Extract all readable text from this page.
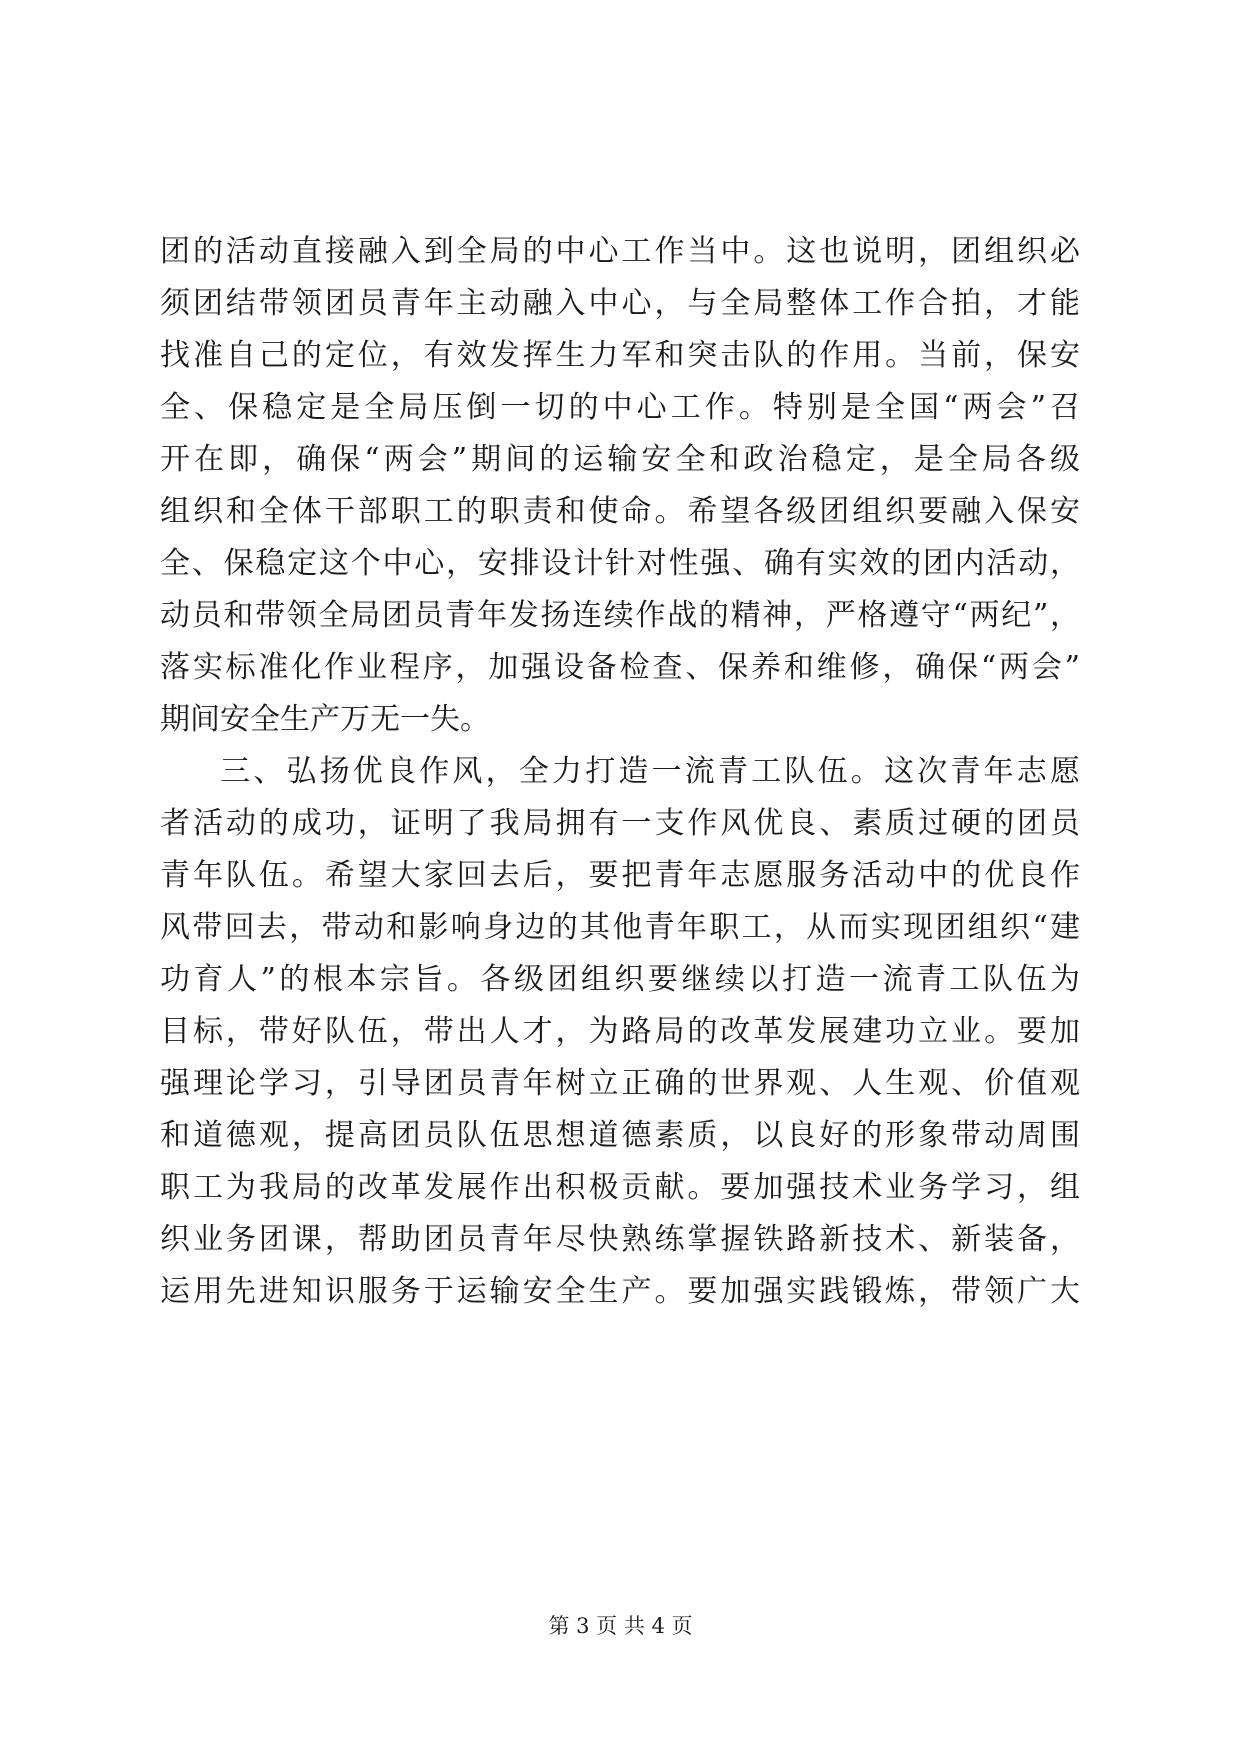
团的活动直接融入到全局的中心工作当中。这也说明，团组织必
须团结带领团员青年主动融入中心，与全局整体工作合拍，才能
找准自己的定位，有效发挥生力军和突击队的作用。当前，保安
全、保稳定是全局压倒一切的中心工作。特别是全国“两会”召
开在即，确保“两会”期间的运输安全和政治稳定，是全局各级
组织和全体干部职工的职责和使命。希望各级团组织要融入保安
全、保稳定这个中心，安排设计针对性强、确有实效的团内活动，
动员和带领全局团员青年发扬连续作战的精神，严格遵守“两纪”，
落实标准化作业程序，加强设备检查、保养和维修，确保“两会”
期间安全生产万无一失。
三、弘扬优良作风，全力打造一流青工队伍。这次青年志愿
者活动的成功，证明了我局拥有一支作风优良、素质过硬的团员
青年队伍。希望大家回去后，要把青年志愿服务活动中的优良作
风带回去，带动和影响身边的其他青年职工，从而实现团组织“建
功育人”的根本宗旨。各级团组织要继续以打造一流青工队伍为
目标，带好队伍，带出人才，为路局的改革发展建功立业。要加
强理论学习，引导团员青年树立正确的世界观、人生观、价值观
和道德观，提高团员队伍思想道德素质，以良好的形象带动周围
职工为我局的改革发展作出积极贡献。要加强技术业务学习，组
织业务团课，帮助团员青年尽快熟练掌握铁路新技术、新装备，
运用先进知识服务于运输安全生产。要加强实践锻炼，带领广大
第 3 页 共 4 页
